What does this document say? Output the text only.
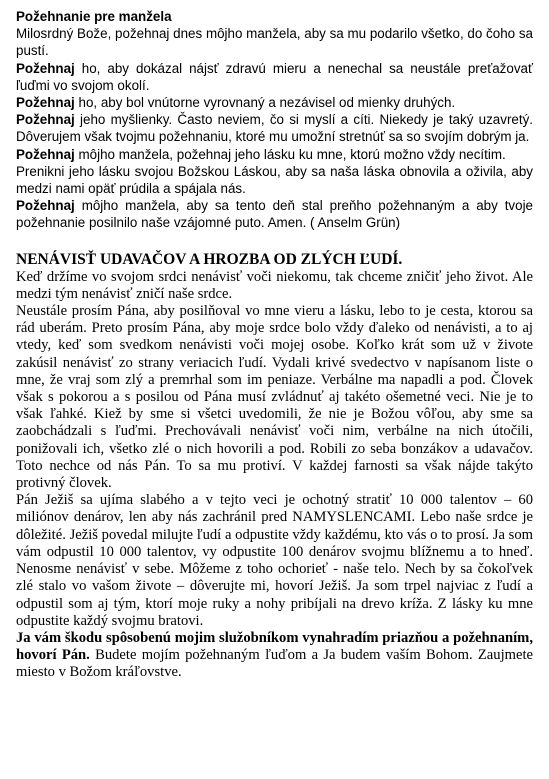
Požehnanie pre manžela

Milosrdný Bože, požehnaj dnes môjho manžela, aby sa mu podarilo všetko, do čoho sa pustí.

Požehnaj ho, aby dokázal nájsť zdravú mieru a nenechal sa neustále preťažovať ľuďmi vo svojom okolí.

Požehnaj ho, aby bol vnútorne vyrovnaný a nezávisel od mienky druhých.

Požehnaj jeho myšlienky. Často neviem, čo si myslí a cíti. Niekedy je taký uzavretý. Dôverujem však tvojmu požehnaniu, ktoré mu umožní stretnúť sa so svojím dobrým ja.

Požehnaj môjho manžela, požehnaj jeho lásku ku mne, ktorú možno vždy necítim.

Preniknі jeho lásku svojou Božskou Láskou, aby sa naša láska obnovila a oživila, aby medzi nami opäť prúdila a spájala nás.

Požehnaj môjho manžela, aby sa tento deň stal preňho požehnaným a aby tvoje požehnanie posilnilo naše vzájomné puto. Amen. ( Anselm Grün)

NENÁVISŤ UDAVAČOV A HROZBA OD ZLÝCH ĽUDÍ.

Keď držíme vo svojom srdci nenávisť voči niekomu, tak chceme zničiť jeho život. Ale medzi tým nenávisť zničí naše srdce.

Neustále prosím Pána, aby posilňoval vo mne vieru a lásku, lebo to je cesta, ktorou sa rád uberám. Preto prosím Pána, aby moje srdce bolo vždy ďaleko od nenávisti, a to aj vtedy, keď som svedkom nenávisti voči mojej osobe. Koľko krát som už v živote zakúsil nenávisť zo strany veriacich ľudí. Vydali krivé svedectvo v napísanom liste o mne, že vraj som zlý a premrhal som im peniaze. Verbálne ma napadli a pod. Človek však s pokorou a s posilou od Pána musí zvládnuť aj takéto ošemetné veci. Nie je to však ľahké. Kiež by sme si všetci uvedomili, že nie je Božou vôľou, aby sme sa zaobchádzali s ľuďmi. Prechovávali nenávisť voči nim, verbálne na nich útočili, ponižovali ich, všetko zlé o nich hovorili a pod. Robili zo seba bonzákov a udavačov. Toto nechce od nás Pán. To sa mu protiví. V každej farnosti sa však nájde takýto protivný človek.

Pán Ježiš sa ujíma slabého a v tejto veci je ochotný stratiť 10 000 talentov – 60 miliónov denárov, len aby nás zachránil pred NAMYSLENCAMI. Lebo naše srdce je dôležité. Ježiš povedal milujte ľudí a odpustite vždy každému, kto vás o to prosí. Ja som vám odpustil 10 000 talentov, vy odpustite 100 denárov svojmu blížnemu a to hneď. Nenosme nenávisť v sebe. Môžeme z toho ochorieť - naše telo. Nech by sa čokoľvek zlé stalo vo vašom živote – dôverujte mi, hovorí Ježiš. Ja som trpel najviac z ľudí a odpustil som aj tým, ktorí moje ruky a nohy pribíjali na drevo kríža. Z lásky ku mne odpustite každý svojmu bratovi.

Ja vám škodu spôsobenú mojim služobníkom vynahradím priazňou a požehnaním, hovorí Pán. Budete mojím požehnaným ľuďom a Ja budem vaším Bohom. Zaujmete miesto v Božom kráľovstve.
